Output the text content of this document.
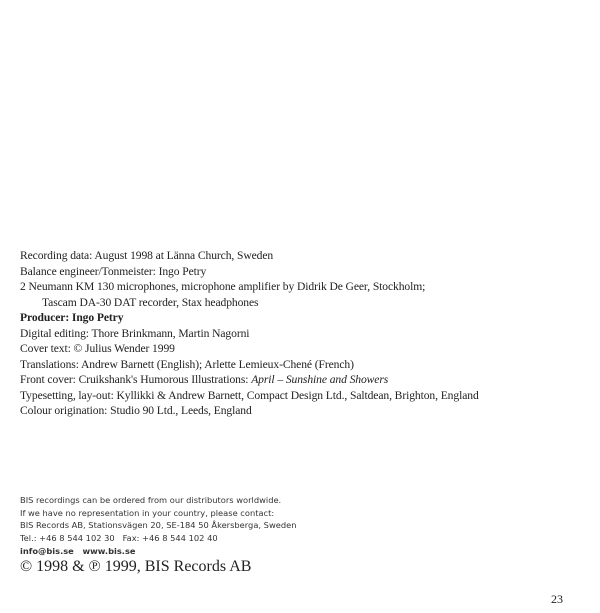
Recording data: August 1998 at Länna Church, Sweden
Balance engineer/Tonmeister: Ingo Petry
2 Neumann KM 130 microphones, microphone amplifier by Didrik De Geer, Stockholm;
Tascam DA-30 DAT recorder, Stax headphones
Producer: Ingo Petry
Digital editing: Thore Brinkmann, Martin Nagorni
Cover text: © Julius Wender 1999
Translations: Andrew Barnett (English); Arlette Lemieux-Chené (French)
Front cover: Cruikshank's Humorous Illustrations: April – Sunshine and Showers
Typesetting, lay-out: Kyllikki & Andrew Barnett, Compact Design Ltd., Saltdean, Brighton, England
Colour origination: Studio 90 Ltd., Leeds, England
BIS recordings can be ordered from our distributors worldwide.
If we have no representation in your country, please contact:
BIS Records AB, Stationsvägen 20, SE-184 50 Åkersberga, Sweden
Tel.: +46 8 544 102 30   Fax: +46 8 544 102 40
info@bis.se www.bis.se
© 1998 & ℗ 1999, BIS Records AB
23
